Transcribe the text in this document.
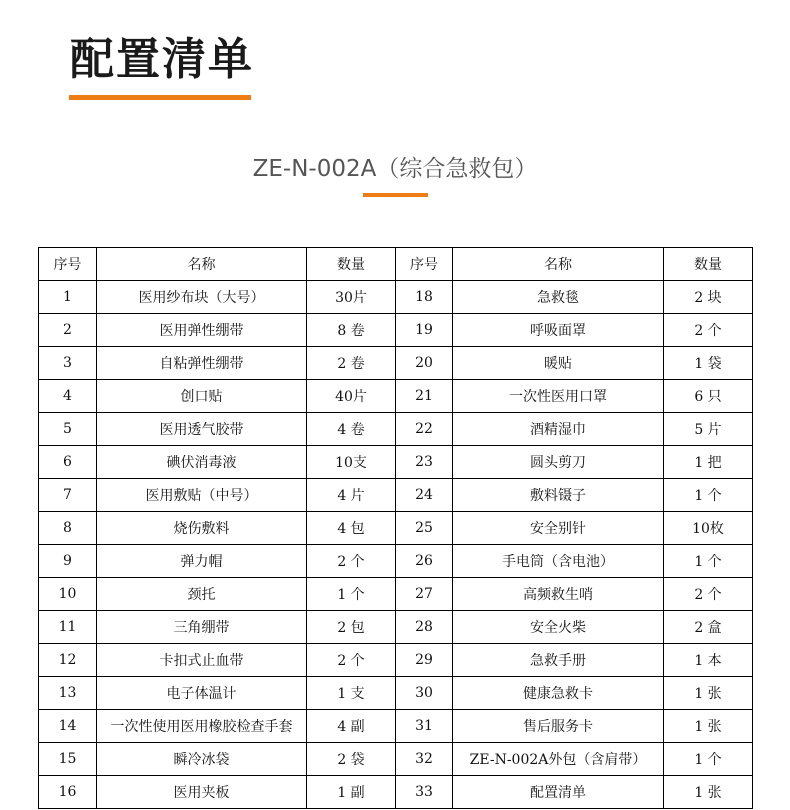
配置清单
ZE-N-002A（综合急救包）
序号	名称	数量	序号	名称	数量
1	医用纱布块（大号）	30片	18	急救毯	2 块
2	医用弹性绷带	8 卷	19	呼吸面罩	2 个
3	自粘弹性绷带	2 卷	20	暖贴	1 袋
4	创口贴	40片	21	一次性医用口罩	6 只
5	医用透气胶带	4 卷	22	酒精湿巾	5 片
6	碘伏消毒液	10支	23	圆头剪刀	1 把
7	医用敷贴（中号）	4 片	24	敷料镊子	1 个
8	烧伤敷料	4 包	25	安全别针	10枚
9	弹力帽	2 个	26	手电筒（含电池）	1 个
10	颈托	1 个	27	高频救生哨	2 个
11	三角绷带	2 包	28	安全火柴	2 盒
12	卡扣式止血带	2 个	29	急救手册	1 本
13	电子体温计	1 支	30	健康急救卡	1 张
14	一次性使用医用橡胶检查手套	4 副	31	售后服务卡	1 张
15	瞬冷冰袋	2 袋	32	ZE-N-002A外包（含肩带）	1 个
16	医用夹板	1 副	33	配置清单	1 张
